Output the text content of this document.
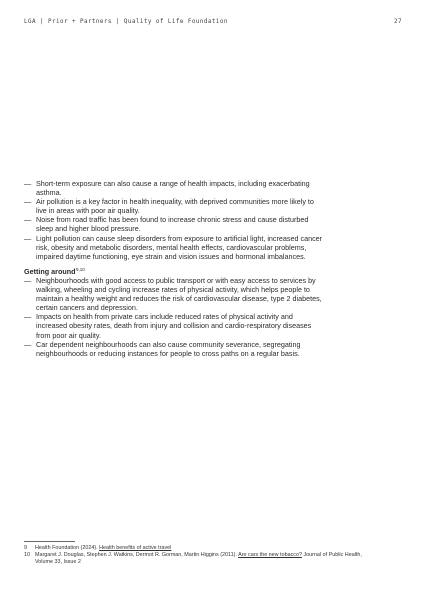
LGA | Prior + Partners | Quality of Life Foundation	27
— Short-term exposure can also cause a range of health impacts, including exacerbating asthma.
— Air pollution is a key factor in health inequality, with deprived communities more likely to live in areas with poor air quality.
— Noise from road traffic has been found to increase chronic stress and cause disturbed sleep and higher blood pressure.
— Light pollution can cause sleep disorders from exposure to artificial light, increased cancer risk, obesity and metabolic disorders, mental health effects, cardiovascular problems, impaired daytime functioning, eye strain and vision issues and hormonal imbalances.
Getting around$^{9,10}$
— Neighbourhoods with good access to public transport or with easy access to services by walking, wheeling and cycling increase rates of physical activity, which helps people to maintain a healthy weight and reduces the risk of cardiovascular disease, type 2 diabetes, certain cancers and depression.
— Impacts on health from private cars include reduced rates of physical activity and increased obesity rates, death from injury and collision and cardio-respiratory diseases from poor air quality.
— Car dependent neighbourhoods can also cause community severance, segregating neighbourhoods or reducing instances for people to cross paths on a regular basis.
9	Health Foundation (2024). Health benefits of active travel
10 Margaret J. Douglas, Stephen J. Watkins, Dermot R. Gorman, Martin Higgins (2011). Are cars the new tobacco? Journal of Public Health, Volume 33, Issue 2
